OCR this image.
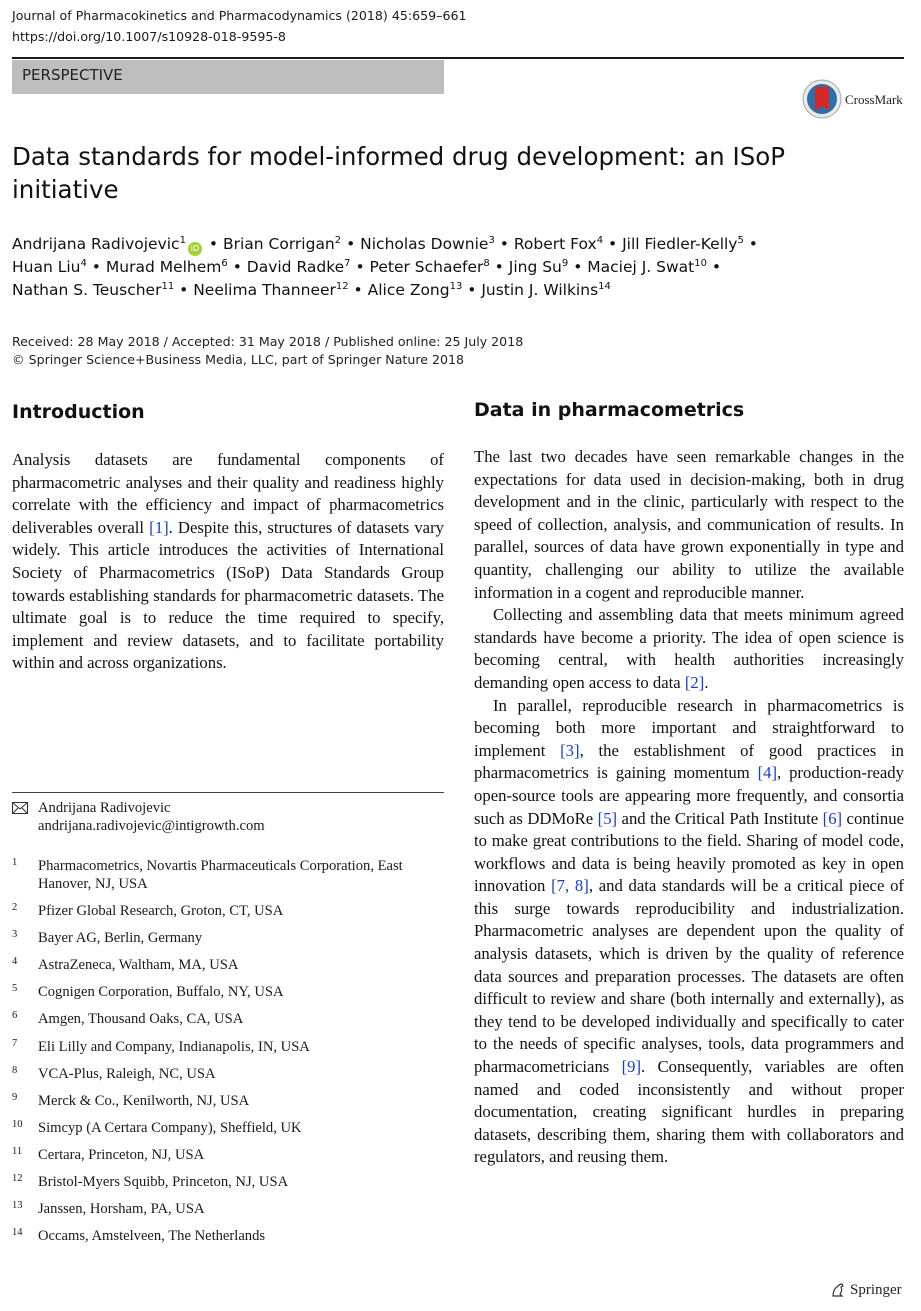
Journal of Pharmacokinetics and Pharmacodynamics (2018) 45:659–661
https://doi.org/10.1007/s10928-018-9595-8
PERSPECTIVE
CrossMark
Data standards for model-informed drug development: an ISoP initiative
Andrijana Radivojevic$^1$iD • Brian Corrigan$^2$ • Nicholas Downie$^3$ • Robert Fox$^4$ • Jill Fiedler-Kelly$^5$ •
Huan Liu$^4$ • Murad Melhem$^6$ • David Radke$^7$ • Peter Schaefer$^8$ • Jing Su$^9$ • Maciej J. Swat$^{10}$ •
Nathan S. Teuscher$^{11}$ • Neelima Thanneer$^{12}$ • Alice Zong$^{13}$ • Justin J. Wilkins$^{14}$
Received: 28 May 2018 / Accepted: 31 May 2018 / Published online: 25 July 2018
© Springer Science+Business Media, LLC, part of Springer Nature 2018
Introduction
Analysis datasets are fundamental components of pharmacometric analyses and their quality and readiness highly correlate with the efficiency and impact of pharmacometrics deliverables overall [1]. Despite this, structures of datasets vary widely. This article introduces the activities of International Society of Pharmacometrics (ISoP) Data Standards Group towards establishing standards for pharmacometric datasets. The ultimate goal is to reduce the time required to specify, implement and review datasets, and to facilitate portability within and across organizations.
Andrijana Radivojevic
andrijana.radivojevic@intigrowth.com
1 Pharmacometrics, Novartis Pharmaceuticals Corporation, East Hanover, NJ, USA
2 Pfizer Global Research, Groton, CT, USA
3 Bayer AG, Berlin, Germany
4 AstraZeneca, Waltham, MA, USA
5 Cognigen Corporation, Buffalo, NY, USA
6 Amgen, Thousand Oaks, CA, USA
7 Eli Lilly and Company, Indianapolis, IN, USA
8 VCA-Plus, Raleigh, NC, USA
9 Merck & Co., Kenilworth, NJ, USA
10 Simcyp (A Certara Company), Sheffield, UK
11 Certara, Princeton, NJ, USA
12 Bristol-Myers Squibb, Princeton, NJ, USA
13 Janssen, Horsham, PA, USA
14 Occams, Amstelveen, The Netherlands
Data in pharmacometrics

The last two decades have seen remarkable changes in the expectations for data used in decision-making, both in drug development and in the clinic, particularly with respect to the speed of collection, analysis, and communication of results. In parallel, sources of data have grown exponentially in type and quantity, challenging our ability to utilize the available information in a cogent and reproducible manner.

Collecting and assembling data that meets minimum agreed standards have become a priority. The idea of open science is becoming central, with health authorities increasingly demanding open access to data [2].

In parallel, reproducible research in pharmacometrics is becoming both more important and straightforward to implement [3], the establishment of good practices in pharmacometrics is gaining momentum [4], production-ready open-source tools are appearing more frequently, and consortia such as DDMoRe [5] and the Critical Path Institute [6] continue to make great contributions to the field. Sharing of model code, workflows and data is being heavily promoted as key in open innovation [7, 8], and data standards will be a critical piece of this surge towards reproducibility and industrialization. Pharmacometric analyses are dependent upon the quality of analysis datasets, which is driven by the quality of reference data sources and preparation processes. The datasets are often difficult to review and share (both internally and externally), as they tend to be developed individually and specifically to cater to the needs of specific analyses, tools, data programmers and pharmacometricians [9]. Consequently, variables are often named and coded inconsistently and without proper documentation, creating significant hurdles in preparing datasets, describing them, sharing them with collaborators and regulators, and reusing them.

Springer
